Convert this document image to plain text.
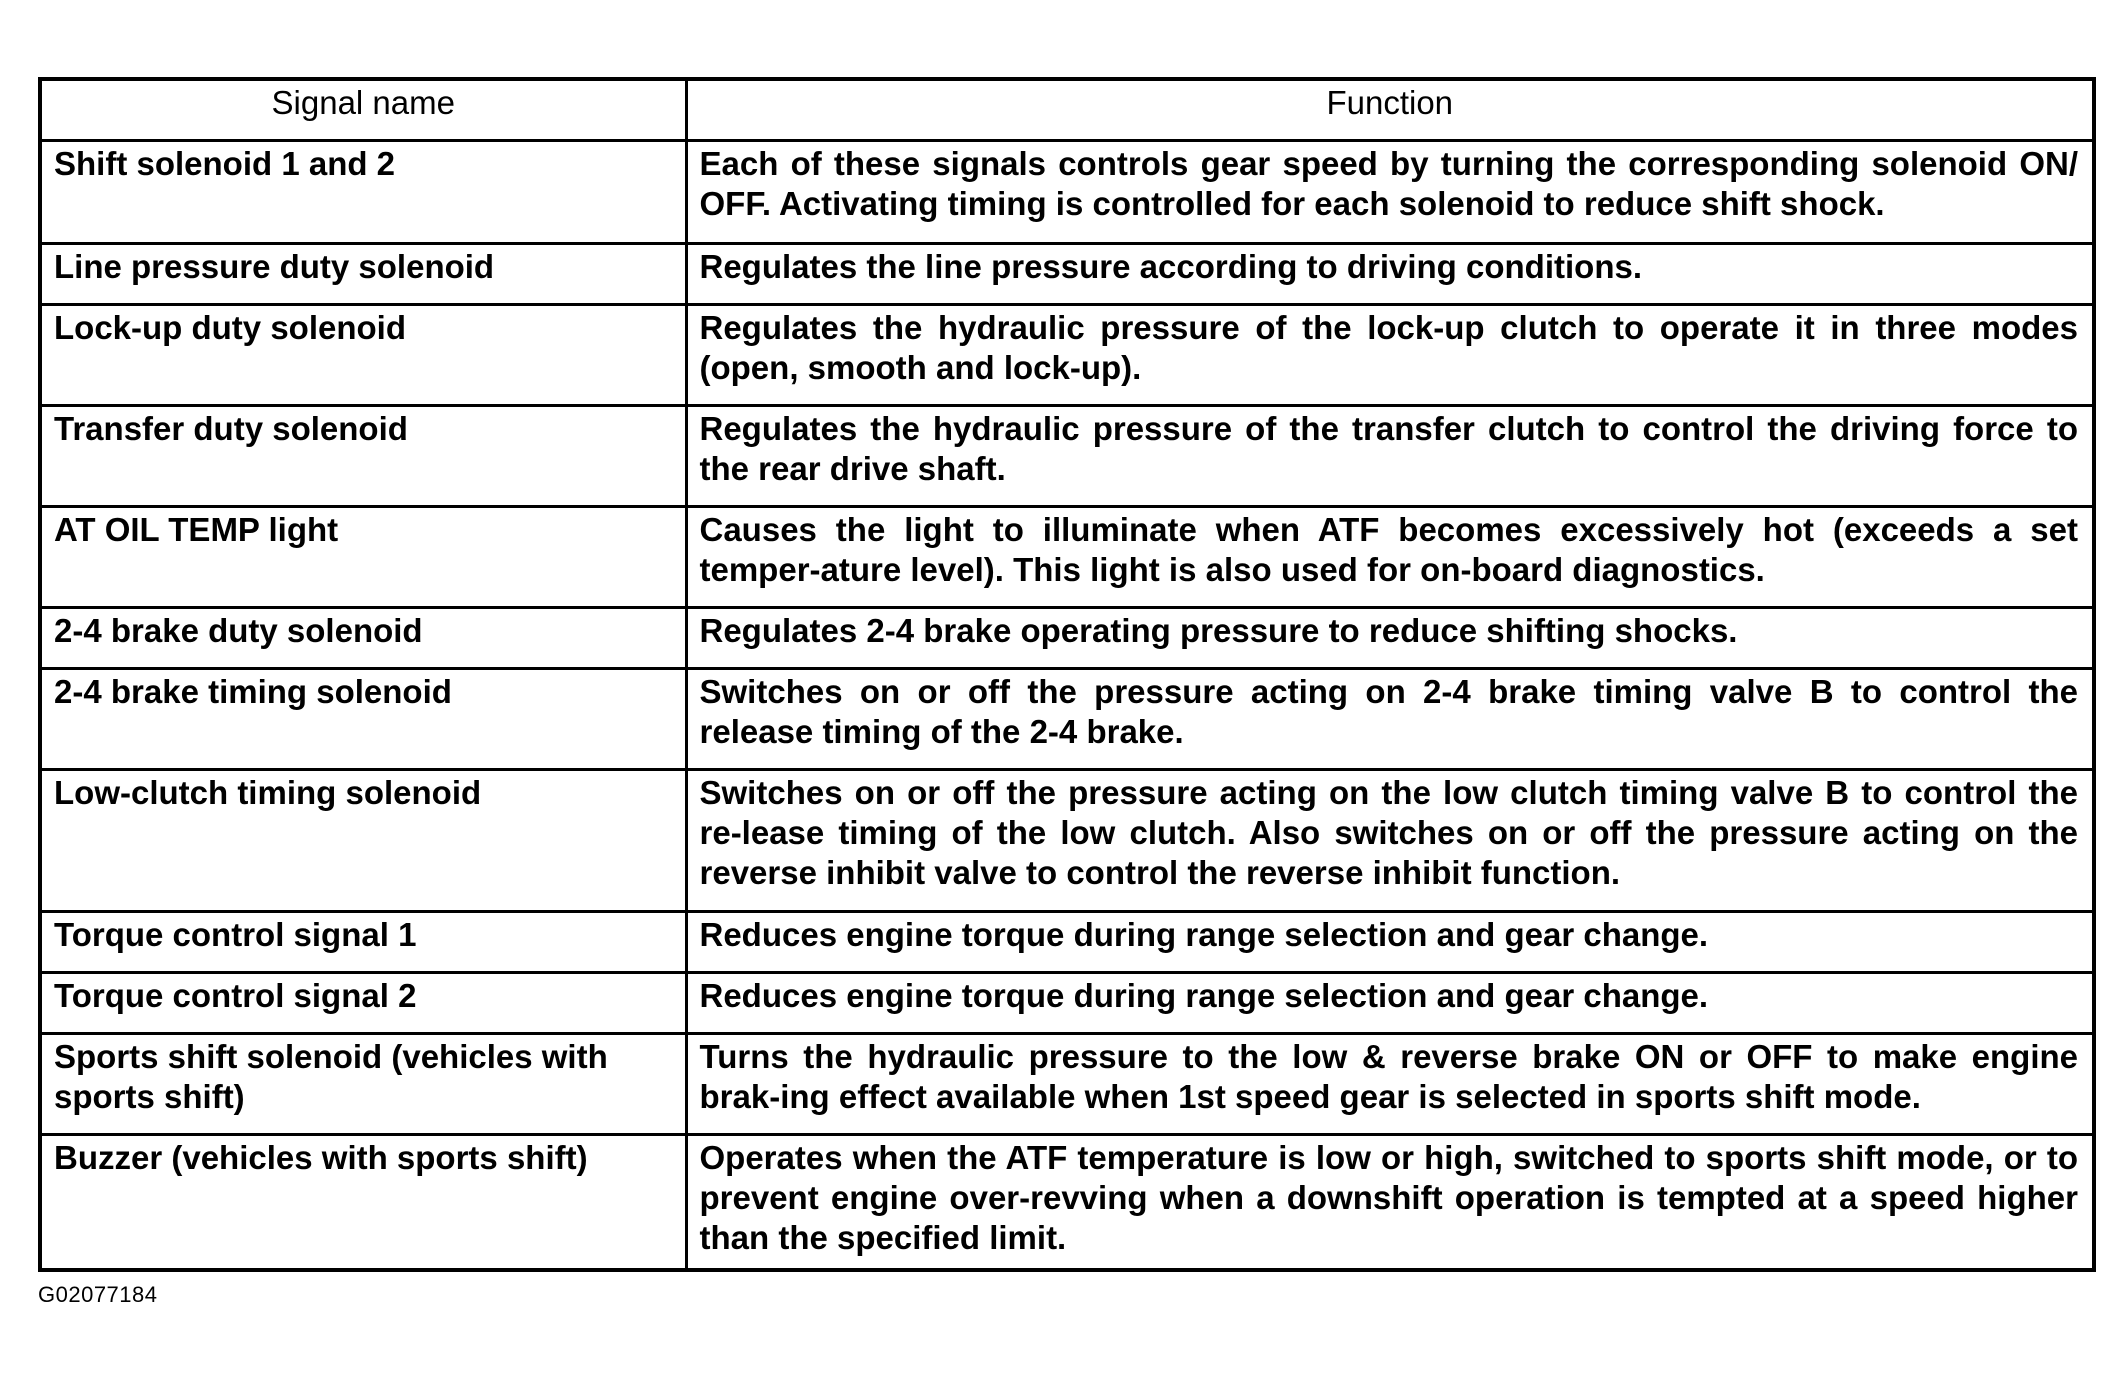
Signal name	Function
Shift solenoid 1 and 2	Each of these signals controls gear speed by turning the corresponding solenoid ON/ OFF. Activating timing is controlled for each solenoid to reduce shift shock.
Line pressure duty solenoid	Regulates the line pressure according to driving conditions.
Lock-up duty solenoid	Regulates the hydraulic pressure of the lock-up clutch to operate it in three modes (open, smooth and lock-up).
Transfer duty solenoid	Regulates the hydraulic pressure of the transfer clutch to control the driving force to the rear drive shaft.
AT OIL TEMP light	Causes the light to illuminate when ATF becomes excessively hot (exceeds a set temper-ature level). This light is also used for on-board diagnostics.
2-4 brake duty solenoid	Regulates 2-4 brake operating pressure to reduce shifting shocks.
2-4 brake timing solenoid	Switches on or off the pressure acting on 2-4 brake timing valve B to control the release timing of the 2-4 brake.
Low-clutch timing solenoid	Switches on or off the pressure acting on the low clutch timing valve B to control the re-lease timing of the low clutch. Also switches on or off the pressure acting on the reverse inhibit valve to control the reverse inhibit function.
Torque control signal 1	Reduces engine torque during range selection and gear change.
Torque control signal 2	Reduces engine torque during range selection and gear change.
Sports shift solenoid (vehicles with sports shift)	Turns the hydraulic pressure to the low & reverse brake ON or OFF to make engine brak-ing effect available when 1st speed gear is selected in sports shift mode.
Buzzer (vehicles with sports shift)	Operates when the ATF temperature is low or high, switched to sports shift mode, or to prevent engine over-revving when a downshift operation is tempted at a speed higher than the specified limit.
G02077184
